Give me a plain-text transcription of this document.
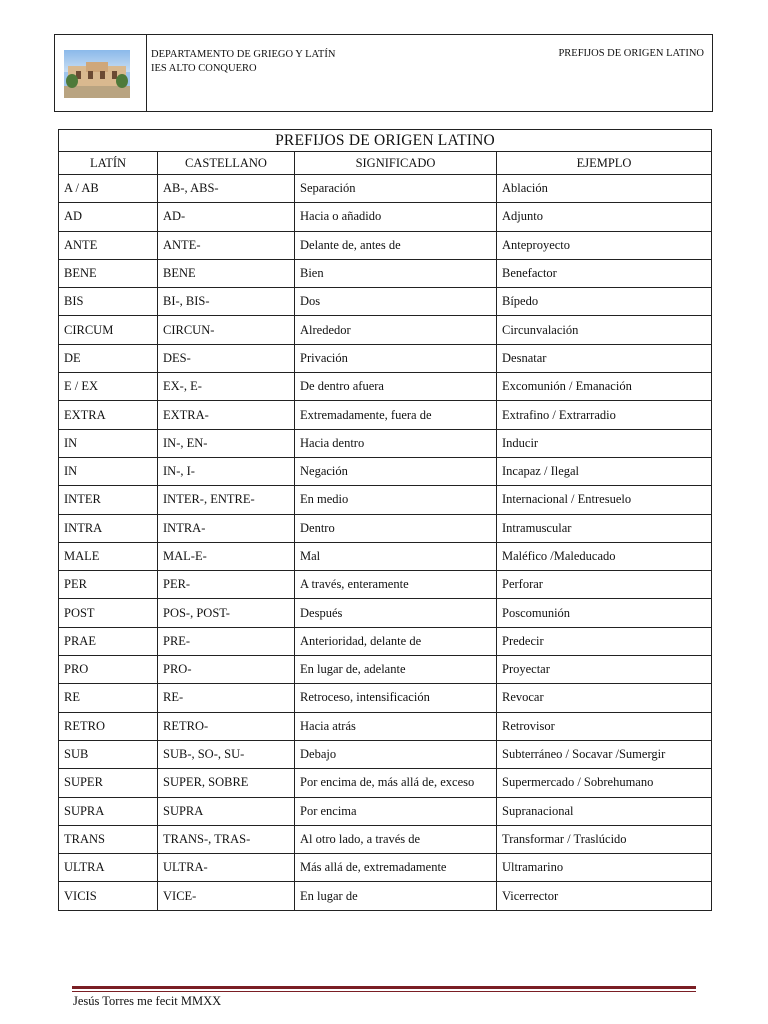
DEPARTAMENTO DE GRIEGO Y LATÍN
IES ALTO CONQUERO
PREFIJOS DE ORIGEN LATINO
PREFIJOS DE ORIGEN LATINO			
LATÍN	CASTELLANO	SIGNIFICADO	EJEMPLO
A / AB	AB-, ABS-	Separación	Ablación
AD	AD-	Hacia o añadido	Adjunto
ANTE	ANTE-	Delante de, antes de	Anteproyecto
BENE	BENE	Bien	Benefactor
BIS	BI-, BIS-	Dos	Bípedo
CIRCUM	CIRCUN-	Alrededor	Circunvalación
DE	DES-	Privación	Desnatar
E / EX	EX-, E-	De dentro afuera	Excomunión / Emanación
EXTRA	EXTRA-	Extremadamente, fuera de	Extrafino / Extrarradio
IN	IN-, EN-	Hacia dentro	Inducir
IN	IN-, I-	Negación	Incapaz / Ilegal
INTER	INTER-, ENTRE-	En medio	Internacional / Entresuelo
INTRA	INTRA-	Dentro	Intramuscular
MALE	MAL-E-	Mal	Maléfico /Maleducado
PER	PER-	A través, enteramente	Perforar
POST	POS-, POST-	Después	Poscomunión
PRAE	PRE-	Anterioridad, delante de	Predecir
PRO	PRO-	En lugar de, adelante	Proyectar
RE	RE-	Retroceso, intensificación	Revocar
RETRO	RETRO-	Hacia atrás	Retrovisor
SUB	SUB-, SO-, SU-	Debajo	Subterráneo / Socavar /Sumergir
SUPER	SUPER, SOBRE	Por encima de, más allá de, exceso	Supermercado / Sobrehumano
SUPRA	SUPRA	Por encima	Supranacional
TRANS	TRANS-, TRAS-	Al otro lado, a través de	Transformar / Traslúcido
ULTRA	ULTRA-	Más allá de, extremadamente	Ultramarino
VICIS	VICE-	En lugar de	Vicerrector
Jesús Torres me fecit MMXX
